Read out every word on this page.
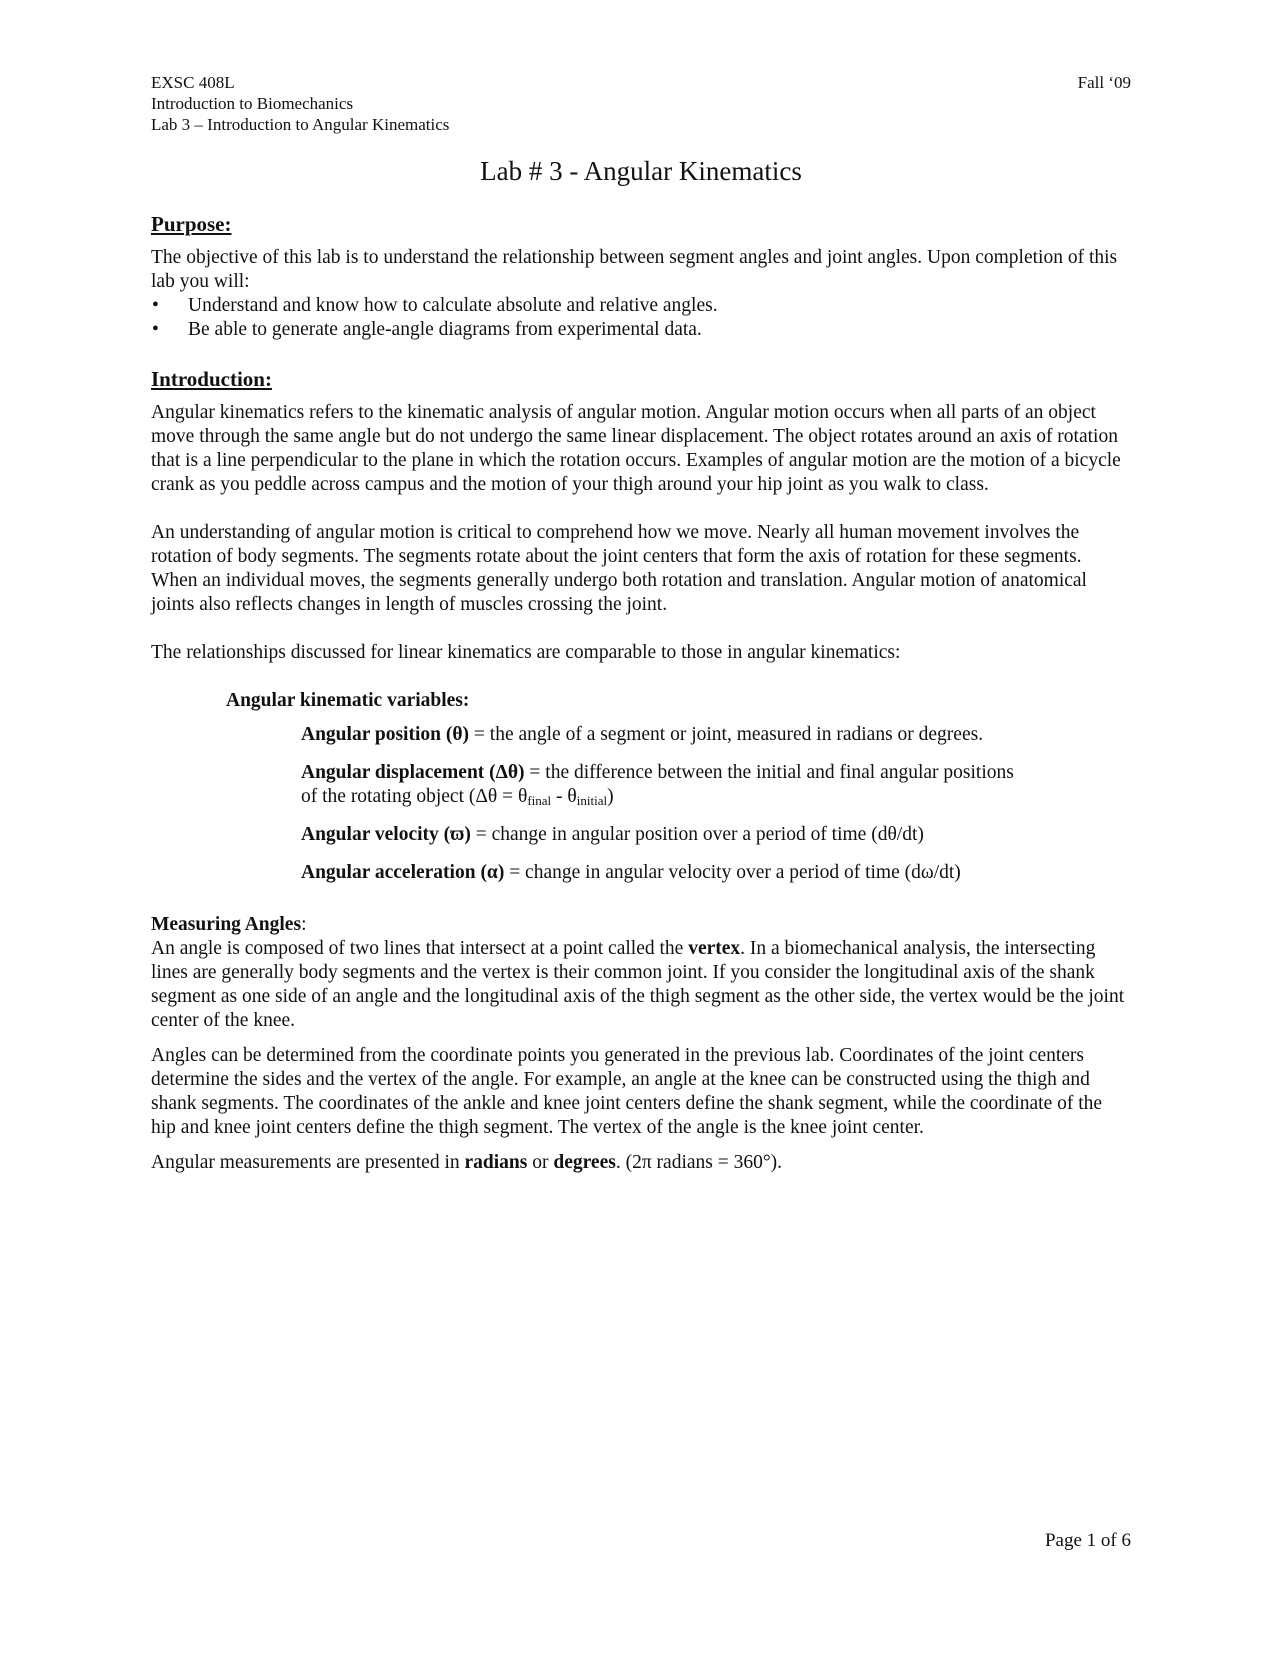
EXSC 408L
Introduction to Biomechanics
Lab 3 – Introduction to Angular Kinematics
Fall ‘09
Lab # 3 - Angular Kinematics
Purpose:

The objective of this lab is to understand the relationship between segment angles and joint angles. Upon completion of this lab you will:

• Understand and know how to calculate absolute and relative angles.
• Be able to generate angle-angle diagrams from experimental data.
Introduction:

Angular kinematics refers to the kinematic analysis of angular motion. Angular motion occurs when all parts of an object move through the same angle but do not undergo the same linear displacement. The object rotates around an axis of rotation that is a line perpendicular to the plane in which the rotation occurs. Examples of angular motion are the motion of a bicycle crank as you peddle across campus and the motion of your thigh around your hip joint as you walk to class.

An understanding of angular motion is critical to comprehend how we move. Nearly all human movement involves the rotation of body segments. The segments rotate about the joint centers that form the axis of rotation for these segments. When an individual moves, the segments generally undergo both rotation and translation. Angular motion of anatomical joints also reflects changes in length of muscles crossing the joint.

The relationships discussed for linear kinematics are comparable to those in angular kinematics:

Angular kinematic variables:
Angular position (θ) = the angle of a segment or joint, measured in radians or degrees.
Angular displacement (Δθ) = the difference between the initial and final angular positions
of the rotating object $(\Delta\theta = \theta_{final} - \theta_{initial})$
Angular velocity (ϖ) = change in angular position over a period of time (dθ/dt)
Angular acceleration (α) = change in angular velocity over a period of time (dω/dt)
Measuring Angles:

An angle is composed of two lines that intersect at a point called the vertex. In a biomechanical analysis, the intersecting lines are generally body segments and the vertex is their common joint. If you consider the longitudinal axis of the shank segment as one side of an angle and the longitudinal axis of the thigh segment as the other side, the vertex would be the joint center of the knee.

Angles can be determined from the coordinate points you generated in the previous lab. Coordinates of the joint centers determine the sides and the vertex of the angle. For example, an angle at the knee can be constructed using the thigh and shank segments. The coordinates of the ankle and knee joint centers define the shank segment, while the coordinate of the hip and knee joint centers define the thigh segment. The vertex of the angle is the knee joint center.

Angular measurements are presented in radians or degrees. (2π radians = 360°).

Page 1 of 6
